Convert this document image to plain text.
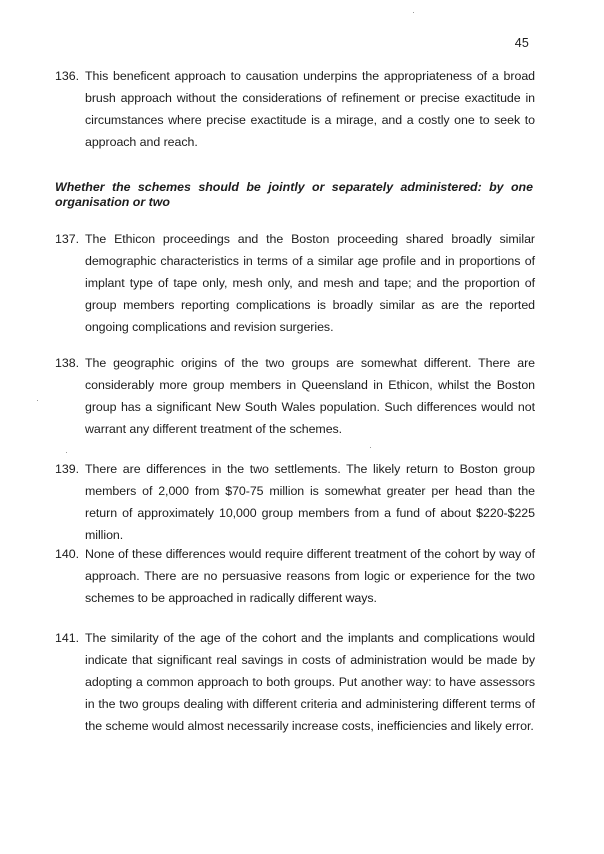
45
136. This beneficent approach to causation underpins the appropriateness of a broad brush approach without the considerations of refinement or precise exactitude in circumstances where precise exactitude is a mirage, and a costly one to seek to approach and reach.
Whether the schemes should be jointly or separately administered: by one organisation or two
137. The Ethicon proceedings and the Boston proceeding shared broadly similar demographic characteristics in terms of a similar age profile and in proportions of implant type of tape only, mesh only, and mesh and tape; and the proportion of group members reporting complications is broadly similar as are the reported ongoing complications and revision surgeries.
138. The geographic origins of the two groups are somewhat different. There are considerably more group members in Queensland in Ethicon, whilst the Boston group has a significant New South Wales population. Such differences would not warrant any different treatment of the schemes.
139. There are differences in the two settlements. The likely return to Boston group members of 2,000 from $70-75 million is somewhat greater per head than the return of approximately 10,000 group members from a fund of about $220-$225 million.
140. None of these differences would require different treatment of the cohort by way of approach. There are no persuasive reasons from logic or experience for the two schemes to be approached in radically different ways.
141. The similarity of the age of the cohort and the implants and complications would indicate that significant real savings in costs of administration would be made by adopting a common approach to both groups. Put another way: to have assessors in the two groups dealing with different criteria and administering different terms of the scheme would almost necessarily increase costs, inefficiencies and likely error.
